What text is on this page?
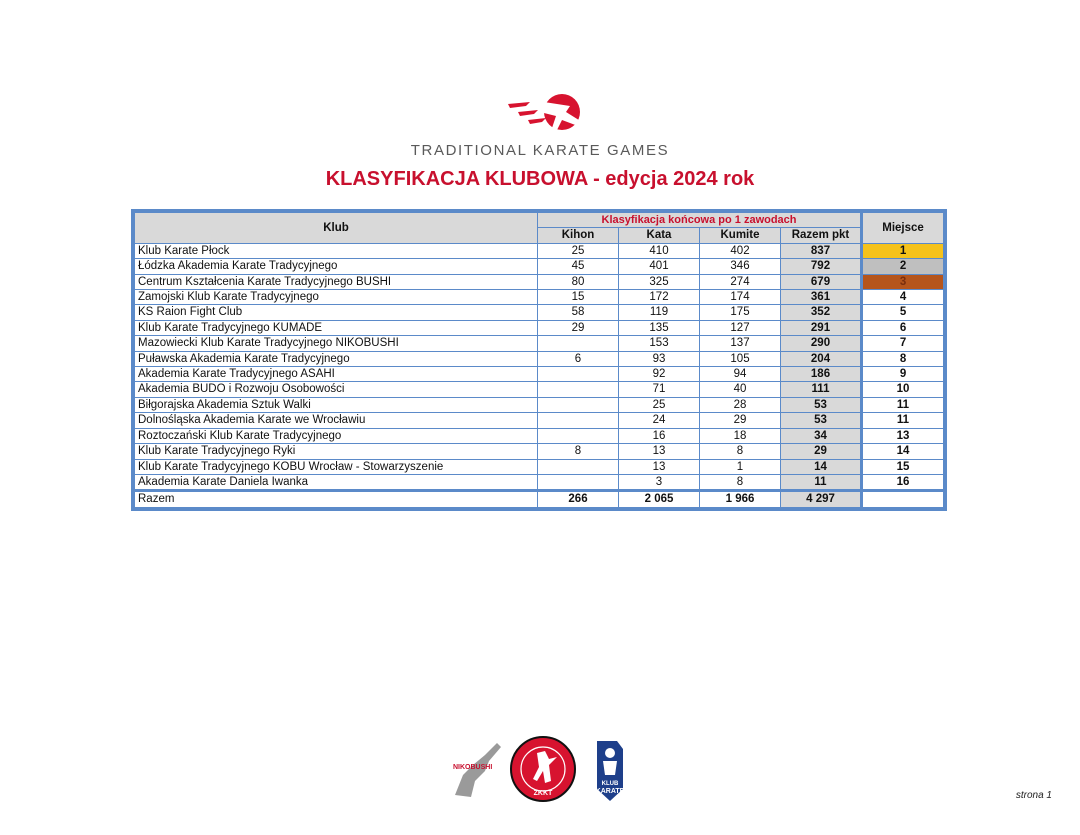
TRADITIONAL KARATE GAMES
KLASYFIKACJA KLUBOWA - edycja 2024 rok
Klub	Klasyfikacja końcowa po 1 zawodach				Miejsce
	Kihon	Kata	Kumite	Razem pkt	
Klub Karate Płock	25	410	402	837	1
Łódzka Akademia Karate Tradycyjnego	45	401	346	792	2
Centrum Kształcenia Karate Tradycyjnego BUSHI	80	325	274	679	3
Zamojski Klub Karate Tradycyjnego	15	172	174	361	4
KS Raion Fight Club	58	119	175	352	5
Klub Karate Tradycyjnego KUMADE	29	135	127	291	6
Mazowiecki Klub Karate Tradycyjnego NIKOBUSHI		153	137	290	7
Puławska Akademia Karate Tradycyjnego	6	93	105	204	8
Akademia Karate Tradycyjnego ASAHI		92	94	186	9
Akademia BUDO i Rozwoju Osobowości		71	40	111	10
Biłgorajska Akademia Sztuk Walki		25	28	53	11
Dolnośląska Akademia Karate we Wrocławiu		24	29	53	11
Roztoczański Klub Karate Tradycyjnego		16	18	34	13
Klub Karate Tradycyjnego Ryki	8	13	8	29	14
Klub Karate Tradycyjnego KOBU Wrocław - Stowarzyszenie		13	1	14	15
Akademia Karate Daniela Iwanka		3	8	11	16
Razem	266	2 065	1 966	4 297	
NIKOBUSHI
ZKKT
KLUB
KARATE	strona 1
